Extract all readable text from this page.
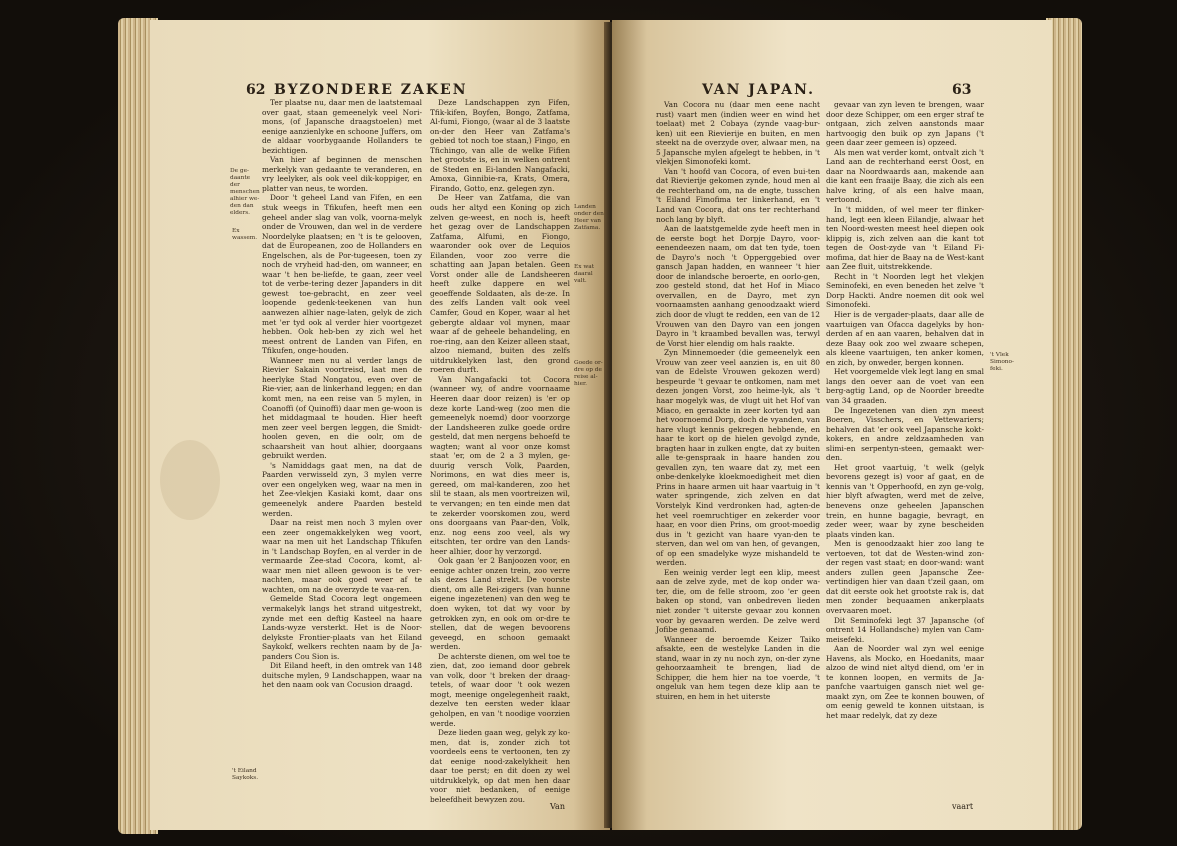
62 BYZONDERE ZAKEN
De ge-daante der menschen alhier we-den dan elders.
Ex wassem.
't Eiland Saykoks.

Ter plaatse nu, daar men de laatstemaal over gaat, staan gemeenelyk veel Nori-mons, (of Japansche draagstoelen) met eenige aanzienlyke en schoone Juffers, om de aldaar voorbygaande Hollanders te bezichtigen.

Van hier af beginnen de menschen merkelyk van gedaante te veranderen, en vry leelyker, als ook veel dik-koppiger, en platter van neus, te worden.

Door 't geheel Land van Fifen, en een stuk weegs in Tfikufen, heeft men een geheel ander slag van volk, voorna-melyk onder de Vrouwen, dan wel in de verdere Noordelyke plaatsen; en 't is te gelooven, dat de Europeanen, zoo de Hollanders en Engelschen, als de Por-tugeesen, toen zy noch de vryheid had-den, om wanneer, en waar 't hen be-liefde, te gaan, zeer veel tot de verbe-tering dezer Japanders in dit gewest toe-gebracht, en zeer veel loopende gedenk-teekenen van hun aanwezen alhier nage-laten, gelyk de zich met 'er tyd ook al verder hier voortgezet hebben. Ook heb-ben zy zich wel het meest ontrent de Landen van Fifen, en Tfikufen, onge-houden.

Wanneer men nu al verder langs de Rievier Sakain voortreisd, laat men de heerlyke Stad Nongatou, even over de Rie-vier, aan de linkerhand leggen; en dan komt men, na een reise van 5 mylen, in Coanoffi (of Quinoffi) daar men ge-woon is het middagmaal te houden. Hier heeft men zeer veel bergen leggen, die Smidt-hoolen geven, en die oolr, om de schaarsheit van hout alhier, doorgaans gebruikt werden.

's Namiddags gaat men, na dat de Paarden verwisseld zyn, 3 mylen verre over een ongelyken weg, waar na men in het Zee-vlekjen Kasiaki komt, daar ons gemeenelyk andere Paarden besteld werden.

Daar na reist men noch 3 mylen over een zeer ongemakkelyken weg voort, waar na men uit het Landschap Tfikufen in 't Landschap Boyfen, en al verder in de vermaarde Zee-stad Cocora, komt, al-waar men niet alleen gewoon is te ver-nachten, maar ook goed weer af te wachten, om na de overzyde te vaa-ren.

Gemelde Stad Cocora legt ongemeen vermakelyk langs het strand uitgestrekt, zynde met een deftig Kasteel na haare Lands-wyze versterkt. Het is de Noor-delykste Frontier-plaats van het Eiland Saykokf, welkers rechten naam by de Ja-panders Cou Sion is.

Dit Eiland heeft, in den omtrek van 148 duitsche mylen, 9 Landschappen, waar na het den naam ook van Cocusion draagd.

Deze Landschappen zyn Fifen, Tfik-kifen, Boyfen, Bongo, Zatfama, Al-fumi, Fiongo, (waar al de 3 laatste on-der den Heer van Zatfama's gebied tot noch toe staan,) Fingo, en Tfichingo, van alle de welke Fifien het grootste is, en in welken ontrent de Steden en Ei-landen Nangafacki, Amoxa, Ginnibie-ra, Krats, Omera, Firando, Gotto, enz. gelegen zyn.

De Heer van Zatfama, die van ouds her altyd een Koning op zich zelven ge-weest, en noch is, heeft het gezag over de Landschappen Zatfama, Alfumi, en Fiongo, waaronder ook over de Lequios Eilanden, voor zoo verre die schatting aan Japan betalen. Geen Vorst onder alle de Landsheeren heeft zulke dappere en wel geoeffende Soldaaten, als de-ze. In des zelfs Landen valt ook veel Camfer, Goud en Koper, waar al het gebergte aldaar vol mynen, maar waar af de geheele behandeling, en roe-ring, aan den Keizer alleen staat, alzoo niemand, buiten des zelfs uitdrukkelyken last, den grond roeren durft.

Van Nangafacki tot Cocora (wanneer wy, of andre voornaame Heeren daar door reizen) is 'er op deze korte Land-weg (zoo men die gemeenelyk noemd) door voorzorge der Landsheeren zulke goede ordre gesteld, dat men nergens behoefd te wagten; want al voor onze komst staat 'er, om de 2 a 3 mylen, ge-duurig versch Volk, Paarden, Norimons, en wat dies meer is, gereed, om mal-kanderen, zoo het slil te staan, als men voortreizen wil, te vervangen; en ten einde men dat te zekerder voorskomen zou, werd ons doorgaans van Paar-den, Volk, enz. nog eens zoo veel, als wy eitschten, ter ordre van den Lands-heer alhier, door hy verzorgd.

Ook gaan 'er 2 Banjoozen voor, en eenige achter onzen trein, zoo verre als dezes Land strekt. De voorste dient, om alle Rei-zigers (van hunne eigene ingezetenen) van den weg te doen wyken, tot dat wy voor by getrokken zyn, en ook om or-dre te stellen, dat de wegen bevoorens geveegd, en schoon gemaakt werden.

De achterste dienen, om wel toe te zien, dat, zoo iemand door gebrek van volk, door 't breken der draag-tetels, of waar door 't ook wezen mogt, meenige ongelegenheit raakt, dezelve ten eersten weder klaar geholpen, en van 't noodige voorzien werde.

Deze lieden gaan weg, gelyk zy ko-men, dat is, zonder zich tot voordeels eens te vertoonen, ten zy dat eenige nood-zakelykheit hen daar toe perst; en dit doen zy wel uitdrukkelyk, op dat men hen daar voor niet bedanken, of eenige beleefdheit bewyzen zou.

Landen onder den Heer van Zatfama.
Ex wat daaral valt.
Goede or-dre op de reise al-hier.
Van
VAN JAPAN.	63

Van Cocora nu (daar men eene nacht rust) vaart men (indien weer en wind het toelaat) met 2 Cobaya (zynde vaag-bur-ken) uit een Rievierije en buiten, en men steekt na de overzyde over, alwaar men, na 5 Japansche mylen afgelegt te hebben, in 't vlekjen Simonofeki komt.

Van 't hoofd van Cocora, of even bui-ten dat Rievierije gekomen zynde, houd men al de rechterhand om, na de engte, tusschen 't Eiland Fimofima ter linkerhand, en 't Land van Cocora, dat ons ter rechterhand noch lang by blyft.

Aan de laatstgemelde zyde heeft men in de eerste bogt het Dorpje Dayro, voor-eenendeezen naam, om dat ten tyde, toen de Dayro's noch 't Opperggebied over gansch Japan hadden, en wanneer 't hier door de inlandsche beroerte, en oorlo-gen, zoo gesteld stond, dat het Hof in Miaco overvallen, en de Dayro, met zyn voornaamsten aanhang genoodzaakt wierd zich door de vlugt te redden, een van de 12 Vrouwen van den Dayro van een jongen Dayro in 't kraambed bevallen was, terwyl de Vorst hier elendig om hals raakte.

Zyn Minnemoeder (die gemeenelyk een Vrouw van zeer veel aanzien is, en uit 80 van de Edelste Vrouwen gekozen werd) bespeurde 't gevaar te ontkomen, nam met dezen jongen Vorst, zoo heime-lyk, als 't haar mogelyk was, de vlugt uit het Hof van Miaco, en geraakte in zeer korten tyd aan het voornoemd Dorp, doch de vyanden, van hare vlugt kennis gekregen hebbende, en haar te kort op de hielen gevolgd zynde, bragten haar in zulken engte, dat zy buiten alle te-genspraak in haare handen zou gevallen zyn, ten waare dat zy, met een onbe-denkelyke kloekmoedigheit met dien Prins in haare armen uit haar vaartuig in 't water springende, zich zelven en dat Vorstelyk Kind verdronken had, agten-de het veel roemruchtiger en zekerder voor haar, en voor dien Prins, om groot-moedig dus in 't gezicht van haare vyan-den te sterven, dan wel om van hen, of gevangen, of op een smadelyke wyze mishandeld te werden.

Een weinig verder legt een klip, meest aan de zelve zyde, met de kop onder wa-ter, die, om de felle stroom, zoo 'er geen baken op stond, van onbedreven lieden niet zonder 't uiterste gevaar zou konnen voor by gevaaren werden. De zelve werd Jofibe genaamd.

Wanneer de beroemde Keizer Taiko afsakte, een de westelyke Landen in die stand, waar in zy nu noch zyn, on-der zyne gehoorzaamheit te brengen, liad de Schipper, die hem hier na toe voerde, 't ongeluk van hem tegen deze klip aan te stuiren, en hem in het uiterste

gevaar van zyn leven te brengen, waar door deze Schipper, om een erger straf te ontgaan, zich zelven aanstonds maar hartvoogig den buik op zyn Japans ('t geen daar zeer gemeen is) opzeed.

Als men wat verder komt, ontvalt zich 't Land aan de rechterhand eerst Oost, en daar na Noordwaards aan, makende aan die kant een fraaije Baay, die zich als een halve kring, of als een halve maan, vertoond.

In 't midden, of wel meer ter flinker-hand, legt een kleen Eilandje, alwaar het ten Noord-westen meest heel diepen ook klippig is, zich zelven aan die kant tot tegen de Oost-zyde van 't Eiland Fi-mofima, dat hier de Baay na de West-kant aan Zee fluit, uitstrekkende.

Recht in 't Noorden legt het vlekjen Seminofeki, en even beneden het zelve 't Dorp Hackti. Andre noemen dit ook wel Simonofeki.

Hier is de vergader-plaats, daar alle de vaartuigen van Ofacca dagelyks by hon-derden af en aan vaaren, behalven dat in deze Baay ook zoo wel zwaare schepen, als kleene vaartuigen, ten anker komen, en zich, by onweder, bergen konnen.

Het voorgemelde vlek legt lang en smal langs den oever aan de voet van een berg-agtig Land, op de Noorder breedte van 34 graaden.

De Ingezetenen van dien zyn meest Boeren, Visschers, en Vettewariers; behalven dat 'er ook veel Japansche kokt-kokers, en andre zeldzaamheden van slimi-en serpentyn-steen, gemaakt wer-den.

Het groot vaartuig, 't welk (gelyk bevorens gezegt is) voor af gaat, en de kennis van 't Opperhoofd, en zyn ge-volg, hier blyft afwagten, werd met de zelve, benevens onze geheelen Japanschen trein, en hunne bagagie, bevragt, en zeder weer, waar by zyne bescheiden plaats vinden kan.

Men is genoodzaakt hier zoo lang te vertoeven, tot dat de Westen-wind zon-der regen vast staat; en door-wand: want anders zullen geen Japansche Zee-vertindigen hier van daan t'zeil gaan, om dat dit eerste ook het grootste rak is, dat men zonder bequaamen ankerplaats overvaaren moet.

Dit Seminofeki legt 37 Japansche (of ontrent 14 Hollandsche) mylen van Cam-meisefeki.

Aan de Noorder wal zyn wel eenige Havens, als Mocko, en Hoedanits, maar alzoo de wind niet altyd diend, om 'er in te konnen loopen, en vermits de Ja-panfche vaartuigen gansch niet wel ge-maakt zyn, om Zee te konnen bouwen, of om eenig geweld te konnen uitstaan, is het maar redelyk, dat zy deze

't Vlek Simono-feki.
vaart
